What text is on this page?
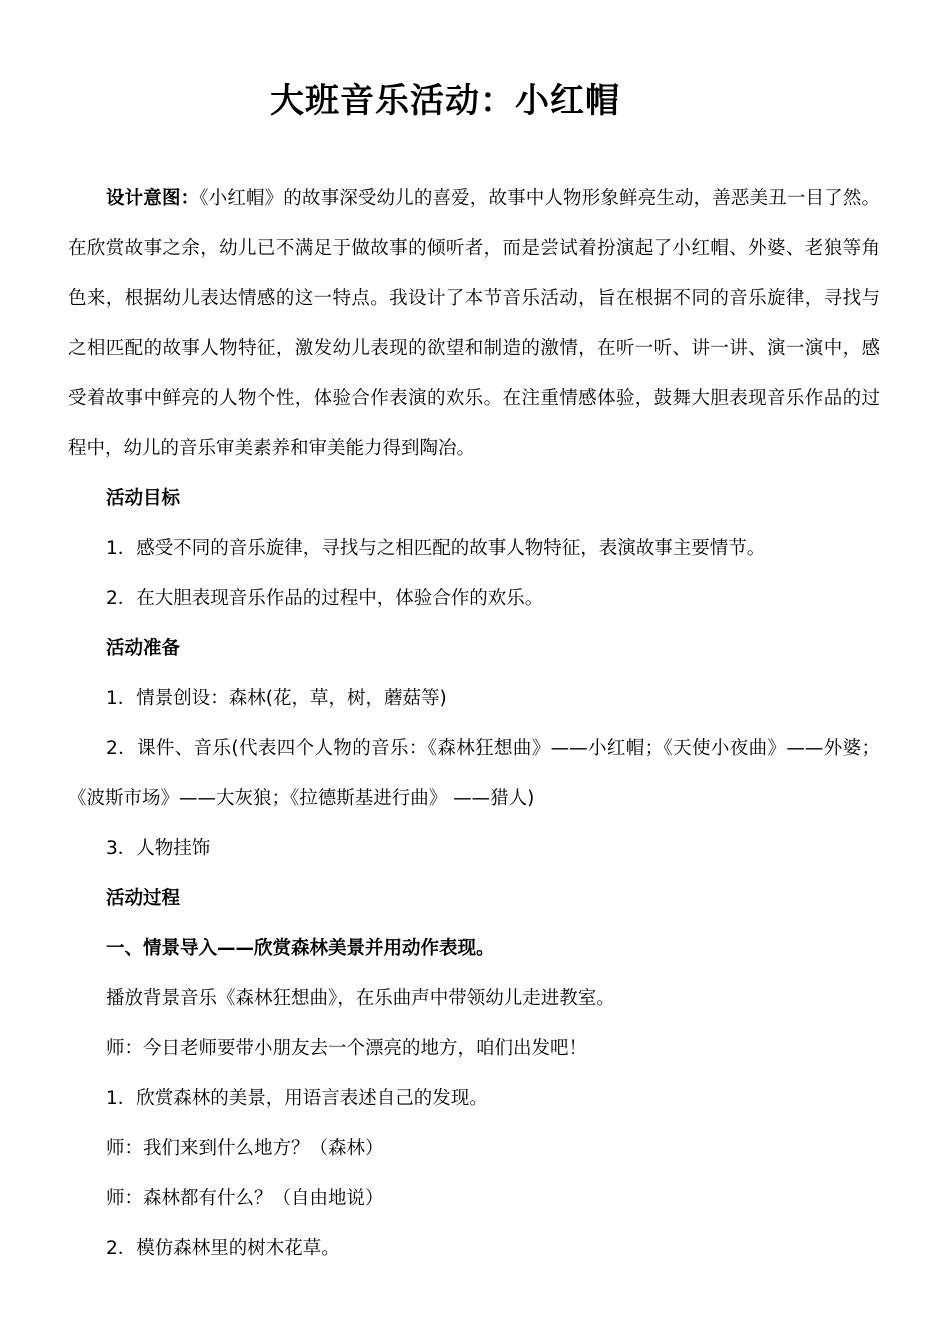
大班音乐活动：小红帽

设计意图：《小红帽》的故事深受幼儿的喜爱，故事中人物形象鲜亮生动，善恶美丑一目了然。在欣赏故事之余，幼儿已不满足于做故事的倾听者，而是尝试着扮演起了小红帽、外婆、老狼等角色来，根据幼儿表达情感的这一特点。我设计了本节音乐活动，旨在根据不同的音乐旋律，寻找与之相匹配的故事人物特征，激发幼儿表现的欲望和制造的激情，在听一听、讲一讲、演一演中，感受着故事中鲜亮的人物个性，体验合作表演的欢乐。在注重情感体验，鼓舞大胆表现音乐作品的过程中，幼儿的音乐审美素养和审美能力得到陶冶。

活动目标

1．感受不同的音乐旋律，寻找与之相匹配的故事人物特征，表演故事主要情节。

2．在大胆表现音乐作品的过程中，体验合作的欢乐。

活动准备

1．情景创设：森林(花，草，树，蘑菇等)

2．课件、音乐(代表四个人物的音乐：《森林狂想曲》——小红帽；《天使小夜曲》——外婆；《波斯市场》——大灰狼；《拉德斯基进行曲》 ——猎人)

3．人物挂饰

活动过程

一、情景导入——欣赏森林美景并用动作表现。

播放背景音乐《森林狂想曲》，在乐曲声中带领幼儿走进教室。

师：今日老师要带小朋友去一个漂亮的地方，咱们出发吧！

1．欣赏森林的美景，用语言表述自己的发现。

师：我们来到什么地方？（森林）

师：森林都有什么？（自由地说）

2．模仿森林里的树木花草。
